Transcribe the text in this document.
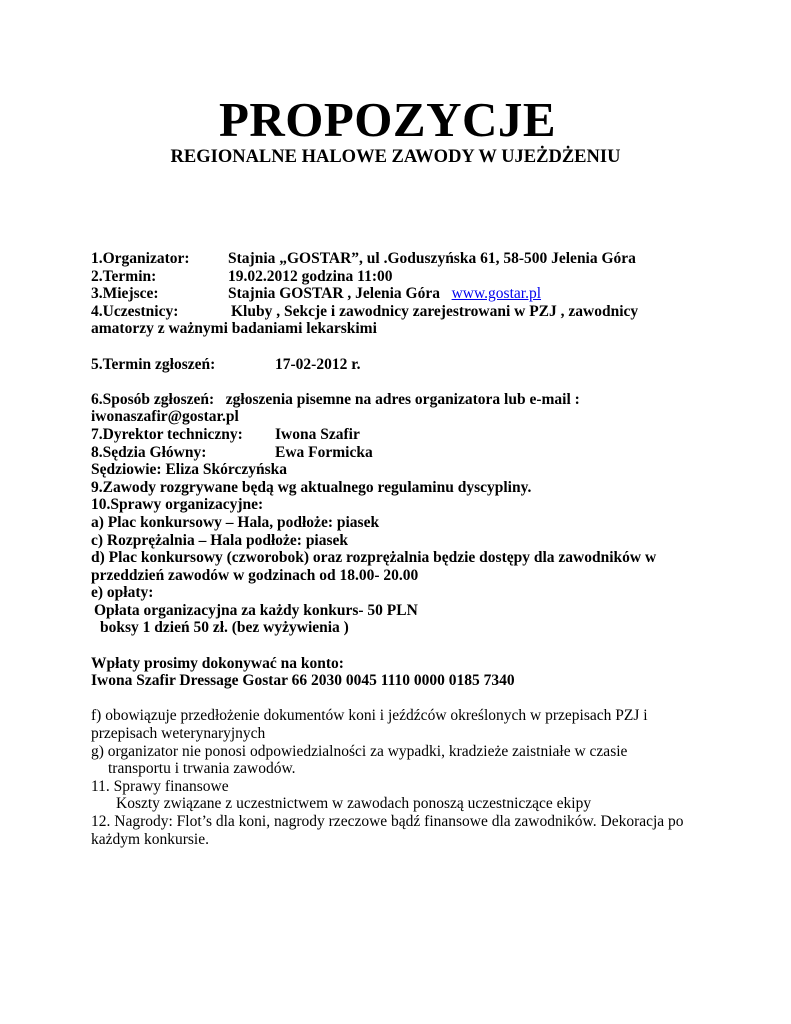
PROPOZYCJE
REGIONALNE HALOWE ZAWODY W UJEŻDŻENIU
1.Organizator: Stajnia „GOSTAR”, ul .Goduszyńska 61, 58-500 Jelenia Góra
2.Termin:	19.02.2012 godzina 11:00
3.Miejsce:	Stajnia GOSTAR , Jelenia Góra www.gostar.pl
4.Uczestnicy:	Kluby , Sekcje i zawodnicy zarejestrowani w PZJ , zawodnicy
amatorzy z ważnymi badaniami lekarskimi
5.Termin zgłoszeń:	17-02-2012 r.
6.Sposób zgłoszeń: zgłoszenia pisemne na adres organizatora lub e-mail :
iwonaszafir@gostar.pl
7.Dyrektor techniczny: Iwona Szafir
8.Sędzia Główny:	Ewa Formicka
Sędziowie: Eliza Skórczyńska
9.Zawody rozgrywane będą wg aktualnego regulaminu dyscypliny.
10.Sprawy organizacyjne:
a) Plac konkursowy – Hala, podłoże: piasek
c) Rozprężalnia – Hala podłoże: piasek
d) Plac konkursowy (czworobok) oraz rozprężalnia będzie dostępy dla zawodników w
przeddzień zawodów w godzinach od 18.00- 20.00
e) opłaty:
Opłata organizacyjna za każdy konkurs- 50 PLN
boksy 1 dzień 50 zł. (bez wyżywienia )
Wpłaty prosimy dokonywać na konto:
Iwona Szafir Dressage Gostar 66 2030 0045 1110 0000 0185 7340
f) obowiązuje przedłożenie dokumentów koni i jeźdźców określonych w przepisach PZJ i
przepisach weterynaryjnych
g) organizator nie ponosi odpowiedzialności za wypadki, kradzieże zaistniałe w czasie
transportu i trwania zawodów.
11. Sprawy finansowe
Koszty związane z uczestnictwem w zawodach ponoszą uczestniczące ekipy
12. Nagrody: Flot’s dla koni, nagrody rzeczowe bądź finansowe dla zawodników. Dekoracja po
każdym konkursie.
